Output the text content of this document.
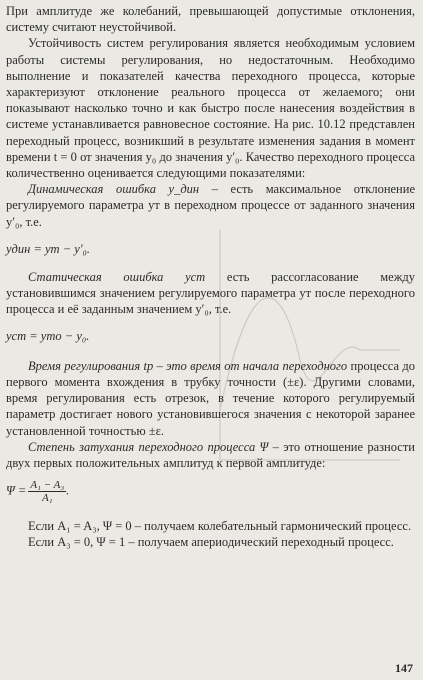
При амплитуде же колебаний, превышающей допустимые отклонения, систему считают неустойчивой.

Устойчивость систем регулирования является необходимым условием работы системы регулирования, но недостаточным. Необходимо выполнение и показателей качества переходного процесса, которые характеризуют отклонение реального процесса от желаемого; они показывают насколько точно и как быстро после нанесения воздействия в системе устанавливается равновесное состояние. На рис. 10.12 представлен переходный процесс, возникший в результате изменения задания в момент времени t = 0 от значения y₀ до значения y′₀. Качество переходного процесса количественно оценивается следующими показателями:

Динамическая ошибка y_дин – есть максимальное отклонение регулируемого параметра yт в переходном процессе от заданного значения y′₀, т.е.

yдин = yт − y′₀.

Статическая ошибка yст есть рассогласование между установившимся значением регулируемого параметра yт после переходного процесса и её заданным значением y′₀, т.е.

yст = yтo − y₀.

Время регулирования tр – это время от начала переходного процесса до первого момента вхождения в трубку точности (±ε). Другими словами, время регулирования есть отрезок, в течение которого регулируемый параметр достигает нового установившегося значения с некоторой заранее установленной точностью ±ε.

Степень затухания переходного процесса Ψ – это отношение разности двух первых положительных амплитуд к первой амплитуде:

$\Psi = \frac{\text{A₁ − A₃}}{\text{A₁}}$ .

Если A₁ = A₃, Ψ = 0 – получаем колебательный гармонический процесс.

Если A₃ = 0, Ψ = 1 – получаем апериодический переходный процесс.

147
